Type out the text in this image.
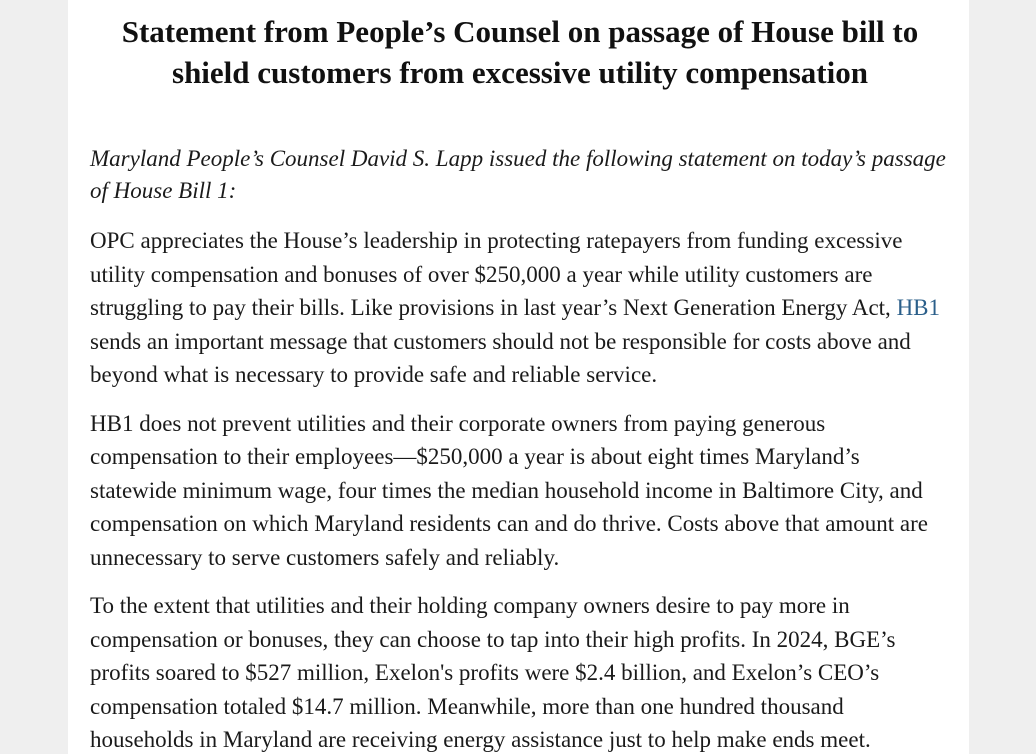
Statement from People’s Counsel on passage of House bill to shield customers from excessive utility compensation

Maryland People’s Counsel David S. Lapp issued the following statement on today’s passage of House Bill 1:

OPC appreciates the House’s leadership in protecting ratepayers from funding excessive utility compensation and bonuses of over $250,000 a year while utility customers are struggling to pay their bills. Like provisions in last year’s Next Generation Energy Act, HB1 sends an important message that customers should not be responsible for costs above and beyond what is necessary to provide safe and reliable service.

HB1 does not prevent utilities and their corporate owners from paying generous compensation to their employees—$250,000 a year is about eight times Maryland’s statewide minimum wage, four times the median household income in Baltimore City, and compensation on which Maryland residents can and do thrive. Costs above that amount are unnecessary to serve customers safely and reliably.

To the extent that utilities and their holding company owners desire to pay more in compensation or bonuses, they can choose to tap into their high profits. In 2024, BGE’s profits soared to $527 million, Exelon's profits were $2.4 billion, and Exelon’s CEO’s compensation totaled $14.7 million. Meanwhile, more than one hundred thousand households in Maryland are receiving energy assistance just to help make ends meet.
